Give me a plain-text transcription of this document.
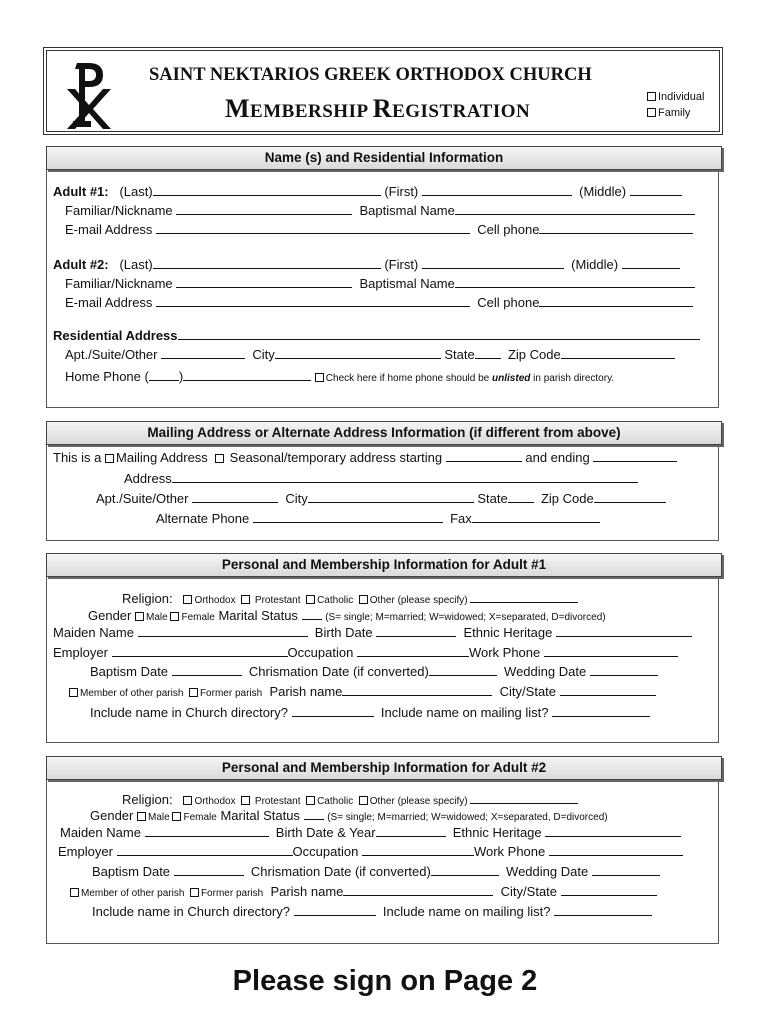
SAINT NEKTARIOS GREEK ORTHODOX CHURCH
MEMBERSHIP REGISTRATION
Individual
Family
Name (s) and Residential Information
Adult #1: (Last)	(First)	(Middle)
Familiar/Nickname	Baptismal Name
E-mail Address	Cell phone
Adult #2: (Last)	(First)	(Middle)
Familiar/Nickname	Baptismal Name
E-mail Address	Cell phone
Residential Address
Apt./Suite/Other	City	State	Zip Code
Home Phone ( )	Check here if home phone should be unlisted in parish directory.
Mailing Address or Alternate Address Information (if different from above)
This is a Mailing Address Seasonal/temporary address starting	and ending
Address
Apt./Suite/Other	City	State	Zip Code
Alternate Phone	Fax
Personal and Membership Information for Adult #1
Religion: Orthodox Protestant Catholic Other (please specify)
Gender Male Female Marital Status	(S= single; M=married; W=widowed; X=separated, D=divorced)
Maiden Name	Birth Date	Ethnic Heritage
Employer	Occupation	Work Phone
Baptism Date	Chrismation Date (if converted)	Wedding Date
Member of other parish Former parish Parish name	City/State
Include name in Church directory?	Include name on mailing list?
Personal and Membership Information for Adult #2
Religion: Orthodox Protestant Catholic Other (please specify)
Gender Male Female Marital Status	(S= single; M=married; W=widowed; X=separated, D=divorced)
Maiden Name	Birth Date & Year	Ethnic Heritage
Employer	Occupation	Work Phone
Baptism Date	Chrismation Date (if converted)	Wedding Date
Member of other parish Former parish Parish name	City/State
Include name in Church directory?	Include name on mailing list?
Please sign on Page 2
